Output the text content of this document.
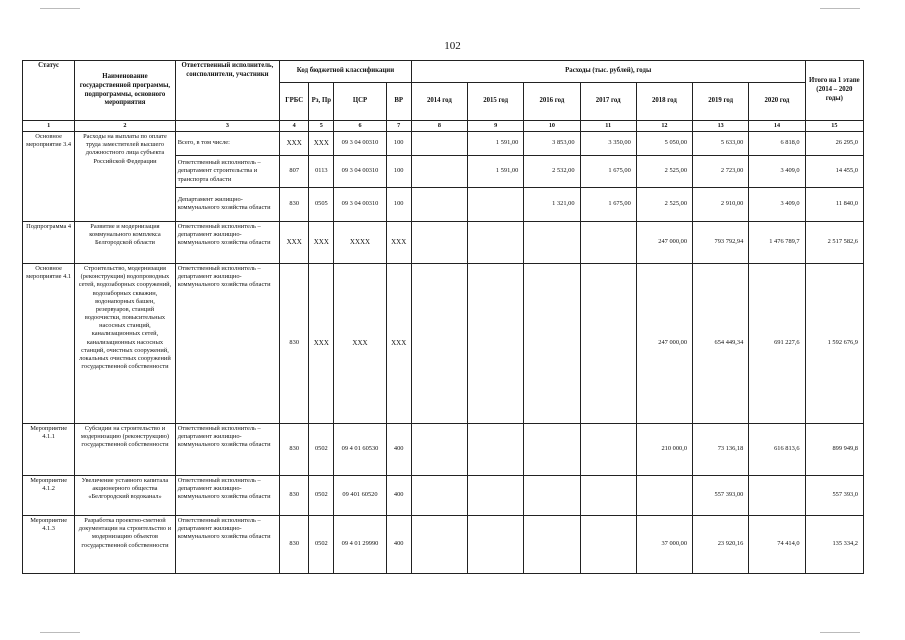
102
Статус	Наименование государственной программы, подпрограммы, основного мероприятия	Ответственный исполнитель, соисполнители, участники	Код бюджетной классификации				Расходы (тыс. рублей), годы							Итого на 1 этапе (2014 – 2020 годы)
			ГРБС	Рз, Пр	ЦСР	ВР	2014 год	2015 год	2016 год	2017 год	2018 год	2019 год	2020 год	
1	2	3	4	5	6	7	8	9	10	11	12	13	14	15
Основное мероприятие 3.4	Расходы на выплаты по оплате труда заместителей высшего должностного лица субъекта Российской Федерации	Всего, в том числе:	XXX	XXX	09 3 04 00310	100		1 591,00	3 853,00	3 350,00	5 050,00	5 633,00	6 818,0	26 295,0
		Ответственный исполнитель – департамент строительства и транспорта области	807	0113	09 3 04 00310	100		1 591,00	2 532,00	1 675,00	2 525,00	2 723,00	3 409,0	14 455,0
		Департамент жилищно-коммунального хозяйства области	830	0505	09 3 04 00310	100			1 321,00	1 675,00	2 525,00	2 910,00	3 409,0	11 840,0
Подпрограмма 4	Развитие и модернизация коммунального комплекса Белгородской области	Ответственный исполнитель – департамент жилищно-коммунального хозяйства области	XXX	XXX	XXXX	XXX					247 000,00	793 792,94	1 476 789,7	2 517 582,6
Основное мероприятие 4.1	Строительство, модернизация (реконструкция) водопроводных сетей, водозаборных сооружений, водозаборных скважин, водонапорных башен, резервуаров, станций водоочистки, повысительных насосных станций, канализационных сетей, канализационных насосных станций, очистных сооружений, локальных очистных сооружений государственной собственности	Ответственный исполнитель – департамент жилищно-коммунального хозяйства области	830	XXX	XXX	XXX					247 000,00	654 449,34	691 227,6	1 592 676,9
Мероприятие 4.1.1	Субсидии на строительство и модернизацию (реконструкцию) государственной собственности	Ответственный исполнитель – департамент жилищно-коммунального хозяйства области	830	0502	09 4 01 60530	400					210 000,0	73 136,18	616 813,6	899 949,8
Мероприятие 4.1.2	Увеличение уставного капитала акционерного общества «Белгородский водоканал»	Ответственный исполнитель – департамент жилищно-коммунального хозяйства области	830	0502	09 401 60520	400						557 393,00		557 393,0
Мероприятие 4.1.3	Разработка проектно-сметной документации на строительство и модернизацию объектов государственной собственности	Ответственный исполнитель – департамент жилищно-коммунального хозяйства области	830	0502	09 4 01 29990	400					37 000,00	23 920,16	74 414,0	135 334,2
